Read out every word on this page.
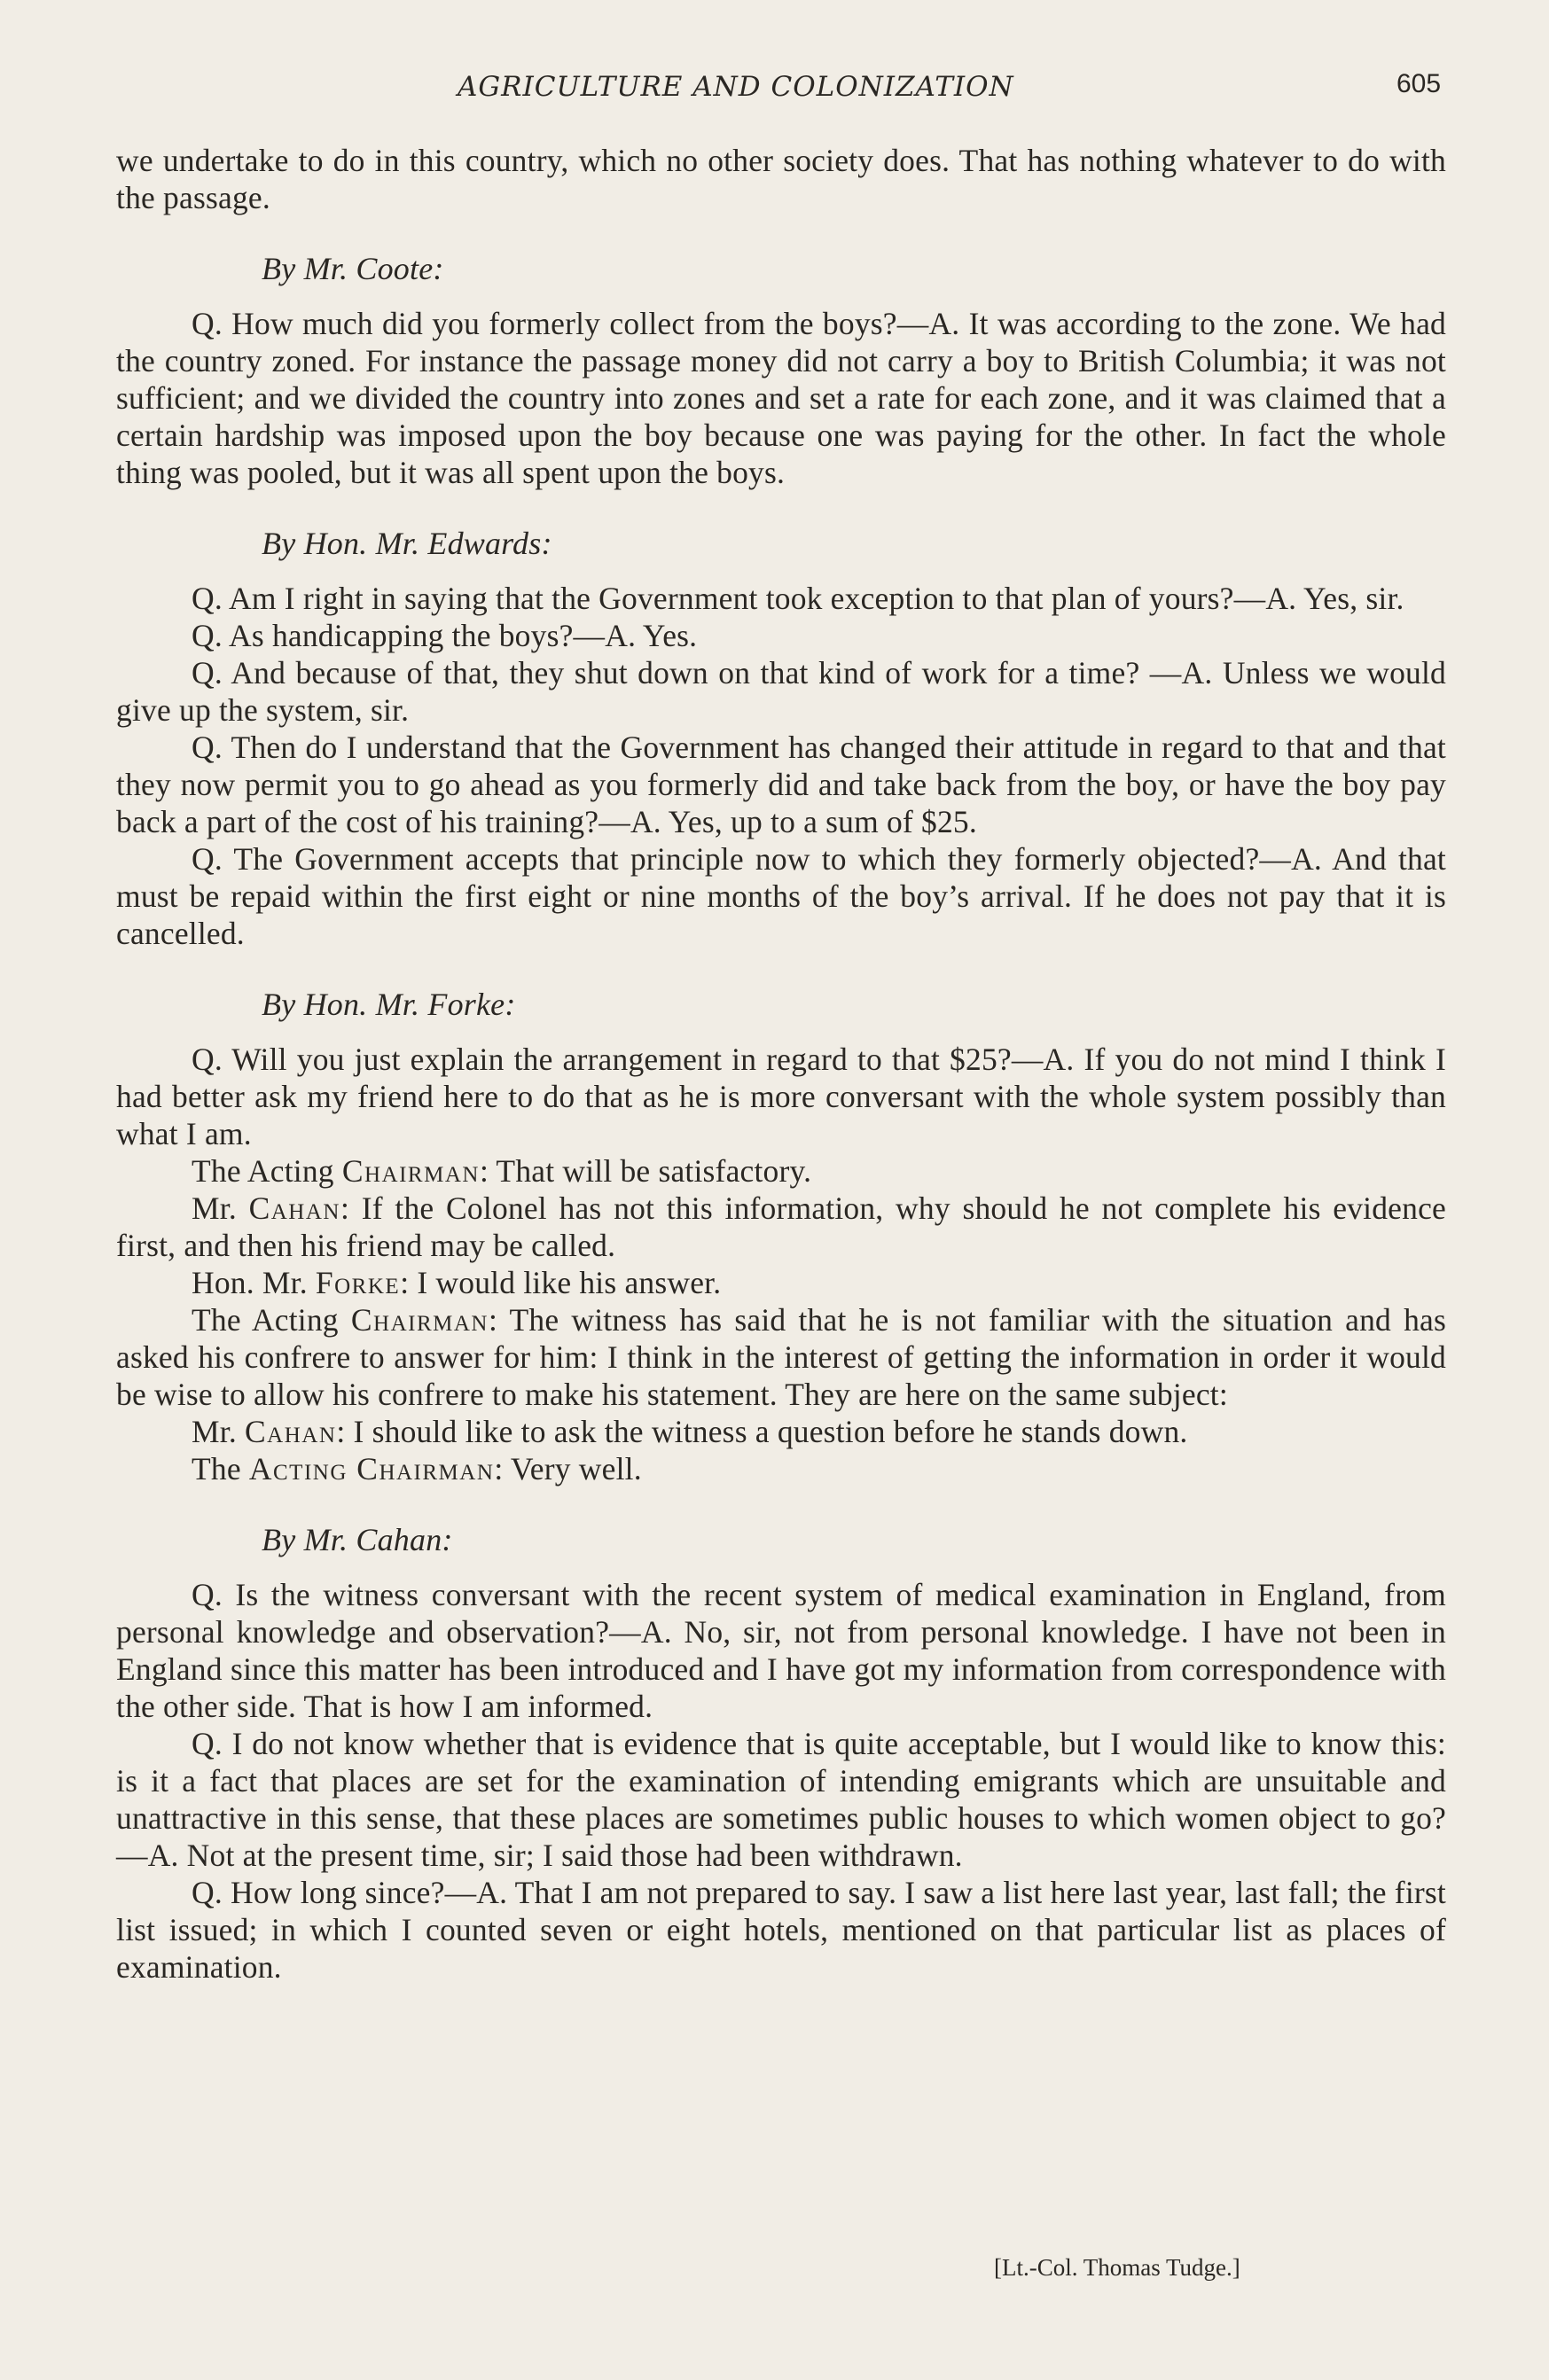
AGRICULTURE AND COLONIZATION	605

we undertake to do in this country, which no other society does. That has nothing whatever to do with the passage.

By Mr. Coote:

Q. How much did you formerly collect from the boys?—A. It was according to the zone. We had the country zoned. For instance the passage money did not carry a boy to British Columbia; it was not sufficient; and we divided the country into zones and set a rate for each zone, and it was claimed that a certain hardship was imposed upon the boy because one was paying for the other. In fact the whole thing was pooled, but it was all spent upon the boys.

By Hon. Mr. Edwards:

Q. Am I right in saying that the Government took exception to that plan of yours?—A. Yes, sir.

Q. As handicapping the boys?—A. Yes.

Q. And because of that, they shut down on that kind of work for a time? —A. Unless we would give up the system, sir.

Q. Then do I understand that the Government has changed their attitude in regard to that and that they now permit you to go ahead as you formerly did and take back from the boy, or have the boy pay back a part of the cost of his training?—A. Yes, up to a sum of $25.

Q. The Government accepts that principle now to which they formerly objected?—A. And that must be repaid within the first eight or nine months of the boy’s arrival. If he does not pay that it is cancelled.

By Hon. Mr. Forke:

Q. Will you just explain the arrangement in regard to that $25?—A. If you do not mind I think I had better ask my friend here to do that as he is more conversant with the whole system possibly than what I am.

The Acting Chairman: That will be satisfactory.

Mr. Cahan: If the Colonel has not this information, why should he not complete his evidence first, and then his friend may be called.

Hon. Mr. Forke: I would like his answer.

The Acting Chairman: The witness has said that he is not familiar with the situation and has asked his confrere to answer for him: I think in the interest of getting the information in order it would be wise to allow his confrere to make his statement. They are here on the same subject:

Mr. Cahan: I should like to ask the witness a question before he stands down.

The Acting Chairman: Very well.

By Mr. Cahan:

Q. Is the witness conversant with the recent system of medical examination in England, from personal knowledge and observation?—A. No, sir, not from personal knowledge. I have not been in England since this matter has been introduced and I have got my information from correspondence with the other side. That is how I am informed.

Q. I do not know whether that is evidence that is quite acceptable, but I would like to know this: is it a fact that places are set for the examination of intending emigrants which are unsuitable and unattractive in this sense, that these places are sometimes public houses to which women object to go?—A. Not at the present time, sir; I said those had been withdrawn.

Q. How long since?—A. That I am not prepared to say. I saw a list here last year, last fall; the first list issued; in which I counted seven or eight hotels, mentioned on that particular list as places of examination.

[Lt.-Col. Thomas Tudge.]
